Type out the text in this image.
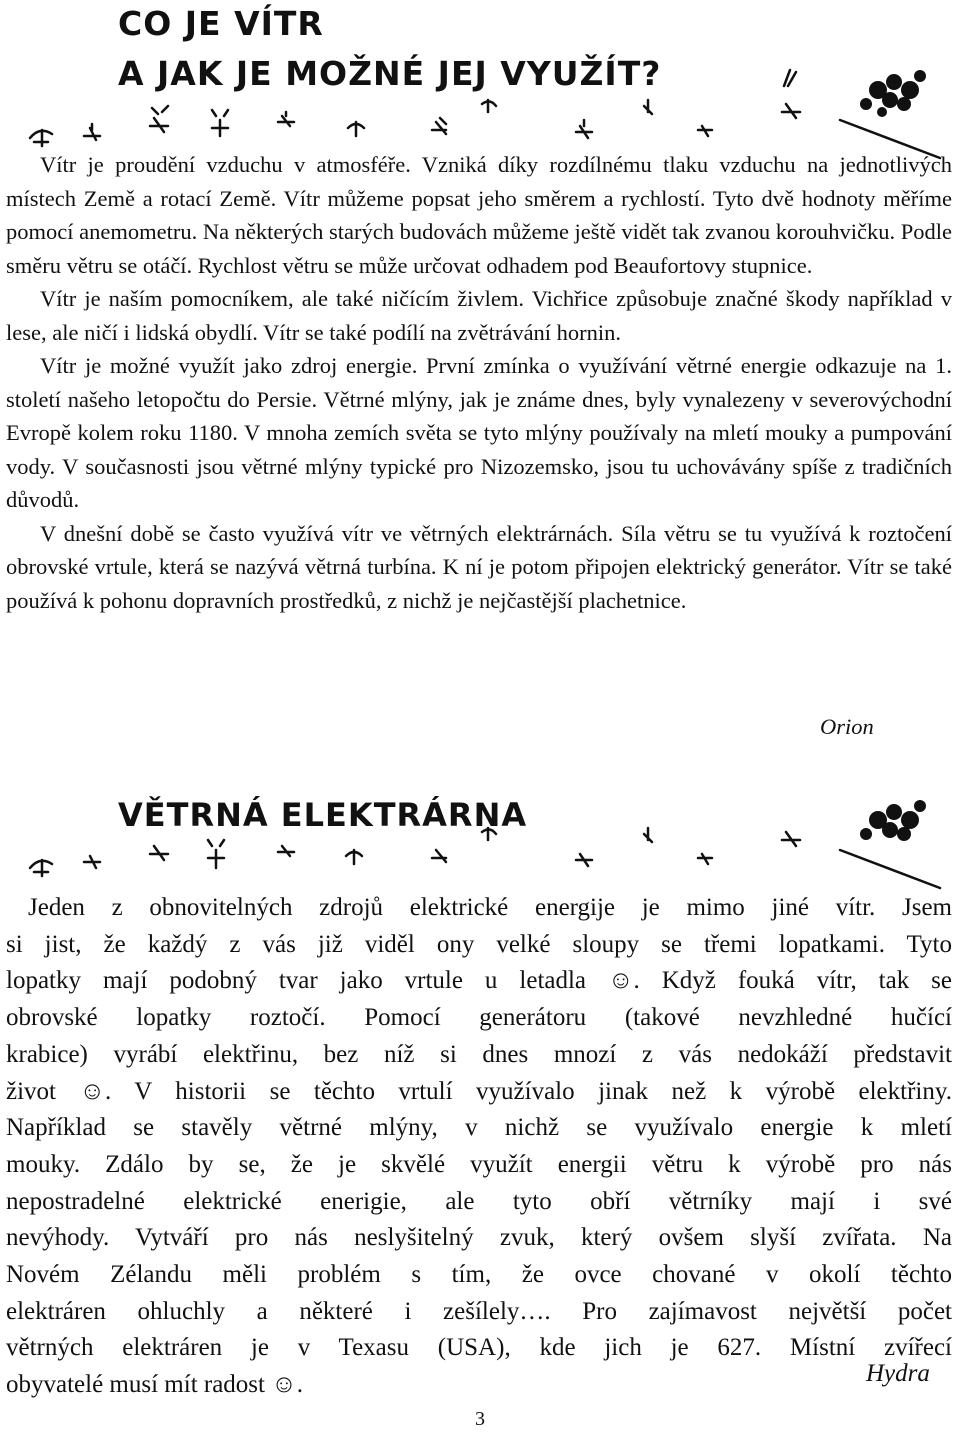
CO JE VÍTR
A JAK JE MOŽNÉ JEJ VYUŽÍT?

Vítr je proudění vzduchu v atmosféře. Vzniká díky rozdílnému tlaku vzduchu na jednotlivých místech Země a rotací Země. Vítr můžeme popsat jeho směrem a rychlostí. Tyto dvě hodnoty měříme pomocí anemometru. Na některých starých budovách můžeme ještě vidět tak zvanou korouhvičku. Podle směru větru se otáčí. Rychlost větru se může určovat odhadem pod Beaufortovy stupnice.

Vítr je naším pomocníkem, ale také ničícím živlem. Vichřice způsobuje značné škody například v lese, ale ničí i lidská obydlí. Vítr se také podílí na zvětrávání hornin.

Vítr je možné využít jako zdroj energie. První zmínka o využívání větrné energie odkazuje na 1. století našeho letopočtu do Persie. Větrné mlýny, jak je známe dnes, byly vynalezeny v severovýchodní Evropě kolem roku 1180. V mnoha zemích světa se tyto mlýny používaly na mletí mouky a pumpování vody. V současnosti jsou větrné mlýny typické pro Nizozemsko, jsou tu uchovávány spíše z tradičních důvodů.

V dnešní době se často využívá vítr ve větrných elektrárnách. Síla větru se tu využívá k roztočení obrovské vrtule, která se nazývá větrná turbína. K ní je potom připojen elektrický generátor. Vítr se také používá k pohonu dopravních prostředků, z nichž je nejčastější plachetnice.

Orion
VĚTRNÁ ELEKTRÁRNA

Jeden z obnovitelných zdrojů elektrické energije je mimo jiné vítr. Jsem

si jist, že každý z vás již viděl ony velké sloupy se třemi lopatkami. Tyto

lopatky mají podobný tvar jako vrtule u letadla ☺. Když fouká vítr, tak se

obrovské lopatky roztočí. Pomocí generátoru (takové nevzhledné hučící

krabice) vyrábí elektřinu, bez níž si dnes mnozí z vás nedokáží představit

život ☺. V historii se těchto vrtulí využívalo jinak než k výrobě elektřiny.

Například se stavěly větrné mlýny, v nichž se využívalo energie k mletí

mouky. Zdálo by se, že je skvělé využít energii větru k výrobě pro nás

nepostradelné elektrické enerigie, ale tyto obří větrníky mají i své

nevýhody. Vytváří pro nás neslyšitelný zvuk, který ovšem slyší zvířata. Na

Novém Zélandu měli problém s tím, že ovce chované v okolí těchto

elektráren ohluchly a některé i zešílely…. Pro zajímavost největší počet

větrných elektráren je v Texasu (USA), kde jich je 627. Místní zvířecí

obyvatelé musí mít radost ☺.	Hydra
3
